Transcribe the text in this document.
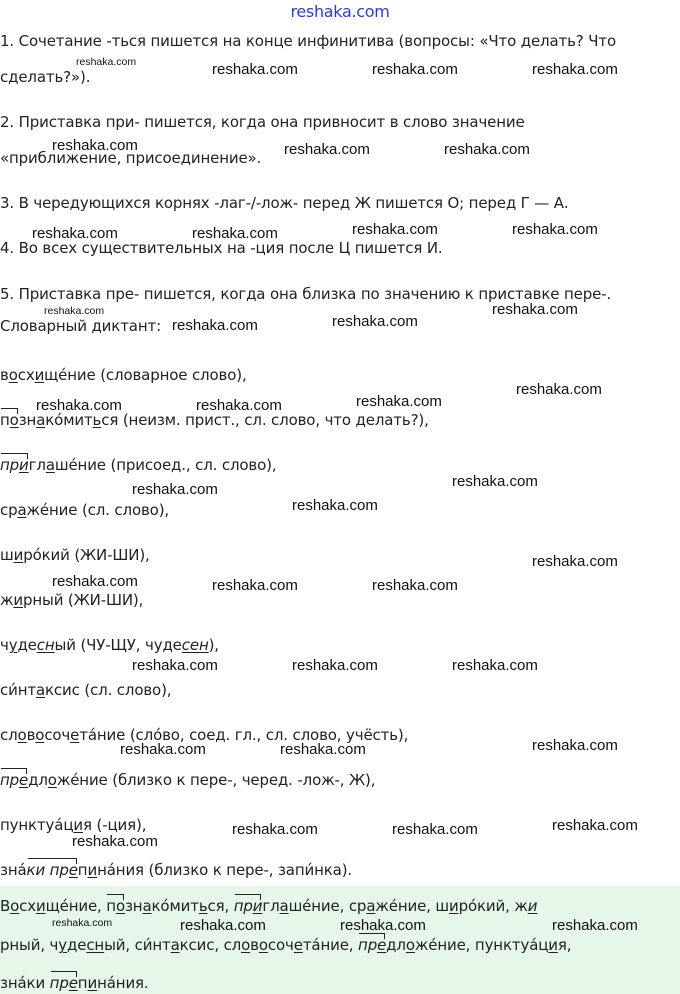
reshaka.com
1. Сочетание -ться пишется на конце инфинитива (вопросы: «Что делать? Что
сделать?»).
2. Приставка при- пишется, когда она привносит в слово значение
«приближение, присоединение».
3. В чередующихся корнях -лаг-/-лож- перед Ж пишется О; перед Г — А.
4. Во всех существительных на -ция после Ц пишется И.
5. Приставка пре- пишется, когда она близка по значению к приставке пере-.
Словарный диктант:
восхище́ние (словарное слово),
познако́миться (неизм. прист., сл. слово, что делать?),
приглаше́ние (присоед., сл. слово),
сраже́ние (сл. слово),
широ́кий (ЖИ-ШИ),
жирный (ЖИ-ШИ),
чудесный (ЧУ-ЩУ, чудесен),
си́нтаксис (сл. слово),
словосочета́ние (сло́во, соед. гл., сл. слово, учёсть),
предложе́ние (близко к пере-, черед. -лож-, Ж),
пунктуа́ция (-ция),
зна́ки препина́ния (близко к пере-, запи́нка).
Восхище́ние, познако́миться, приглаше́ние, сраже́ние, широ́кий, жи
рный, чудесный, си́нтаксис, словосочета́ние, предложе́ние, пунктуа́ция,
зна́ки препина́ния.
reshaka.com	reshaka.com	reshaka.com	reshaka.com
reshaka.com	reshaka.com	reshaka.com
reshaka.com	reshaka.com	reshaka.com	reshaka.com
reshaka.com
reshaka.com	reshaka.com
reshaka.com
reshaka.com
reshaka.com	reshaka.com	reshaka.com
reshaka.com
reshaka.com
reshaka.com
reshaka.com
reshaka.com	reshaka.com	reshaka.com
reshaka.com	reshaka.com	reshaka.com
reshaka.com
reshaka.com	reshaka.com
reshaka.com
reshaka.com	reshaka.com
reshaka.com
reshaka.com	reshaka.com	reshaka.com	reshaka.com
